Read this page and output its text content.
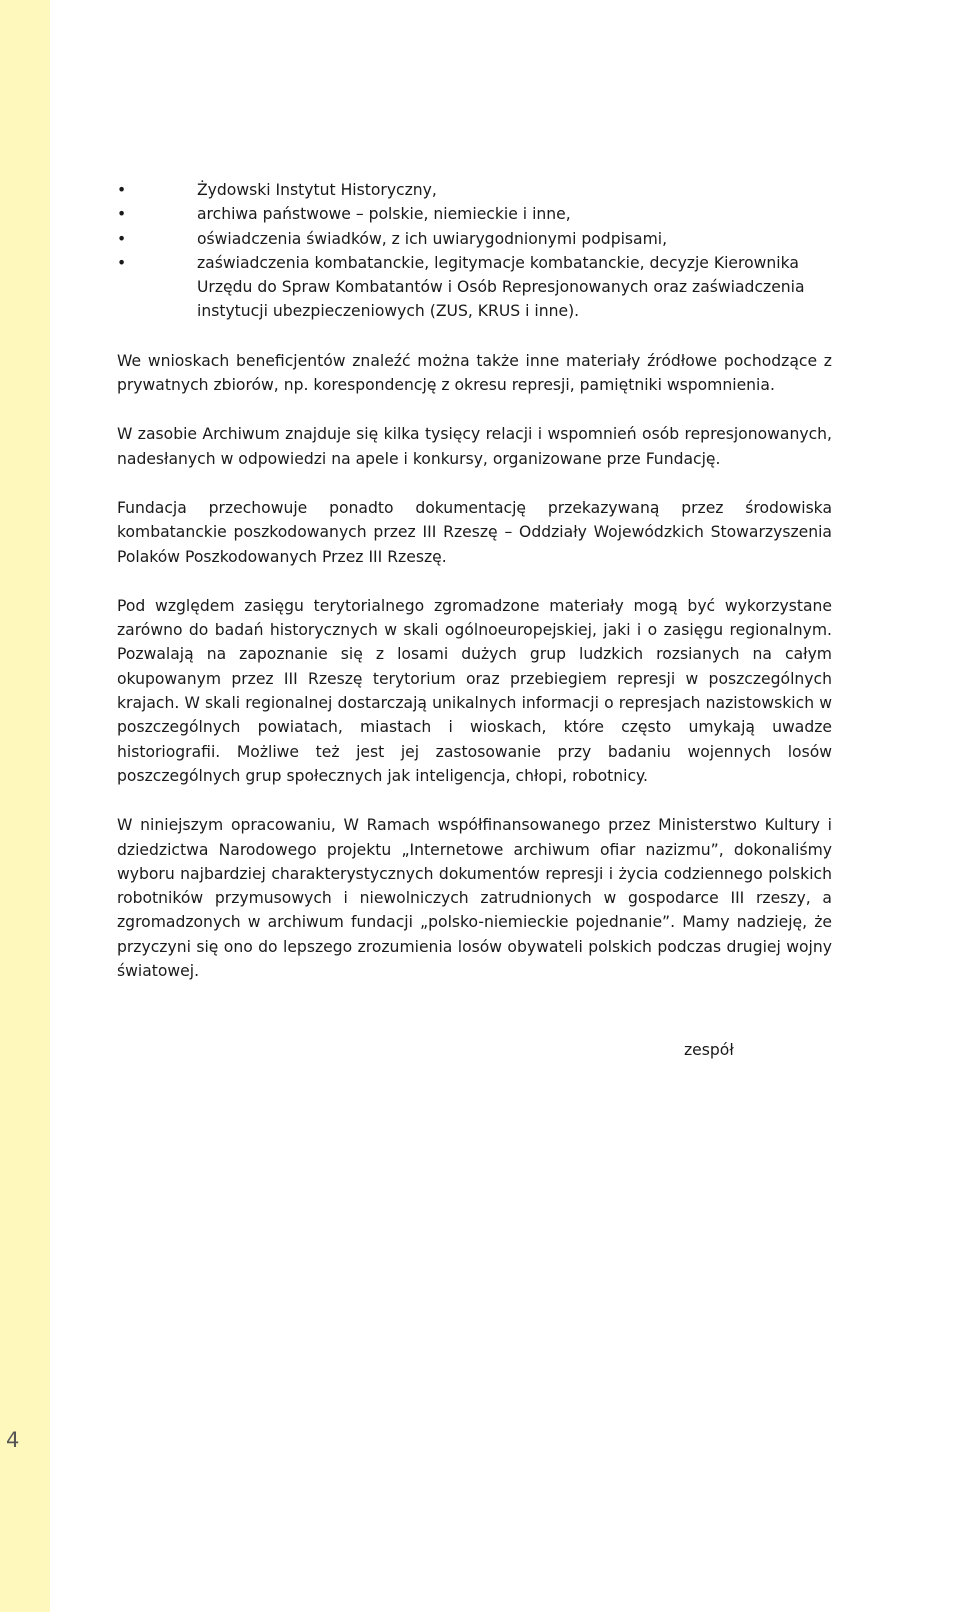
4
•	Żydowski Instytut Historyczny,
•	archiwa państwowe – polskie, niemieckie i inne,
•	oświadczenia świadków, z ich uwiarygodnionymi podpisami,
•	zaświadczenia kombatanckie, legitymacje kombatanckie, decyzje Kierownika Urzędu do Spraw Kombatantów i Osób Represjonowanych oraz zaświadczenia instytucji ubezpieczeniowych (ZUS, KRUS i inne).

We wnioskach beneficjentów znaleźć można także inne materiały źródłowe pochodzące z prywatnych zbiorów, np. korespondencję z okresu represji, pamiętniki wspomnienia.

W zasobie Archiwum znajduje się kilka tysięcy relacji i wspomnień osób represjonowanych, nadesłanych w odpowiedzi na apele i konkursy, organizowane prze Fundację.

Fundacja przechowuje ponadto dokumentację przekazywaną przez środowiska kombatanckie poszkodowanych przez III Rzeszę – Oddziały Wojewódzkich Stowarzyszenia Polaków Poszkodowanych Przez III Rzeszę.

Pod względem zasięgu terytorialnego zgromadzone materiały mogą być wykorzystane zarówno do badań historycznych w skali ogólnoeuropejskiej, jaki i o zasięgu regionalnym. Pozwalają na zapoznanie się z losami dużych grup ludzkich rozsianych na całym okupowanym przez III Rzeszę terytorium oraz przebiegiem represji w poszczególnych krajach. W skali regionalnej dostarczają unikalnych informacji o represjach nazistowskich w poszczególnych powiatach, miastach i wioskach, które często umykają uwadze historiografii. Możliwe też jest jej zastosowanie przy badaniu wojennych losów poszczególnych grup społecznych jak inteligencja, chłopi, robotnicy.

W niniejszym opracowaniu, W Ramach współfinansowanego przez Ministerstwo Kultury i dziedzictwa Narodowego projektu „Internetowe archiwum ofiar nazizmu”, dokonaliśmy wyboru najbardziej charakterystycznych dokumentów represji i życia codziennego polskich robotników przymusowych i niewolniczych zatrudnionych w gospodarce III rzeszy, a zgromadzonych w archiwum fundacji „polsko-niemieckie pojednanie”. Mamy nadzieję, że przyczyni się ono do lepszego zrozumienia losów obywateli polskich podczas drugiej wojny światowej.

zespół
